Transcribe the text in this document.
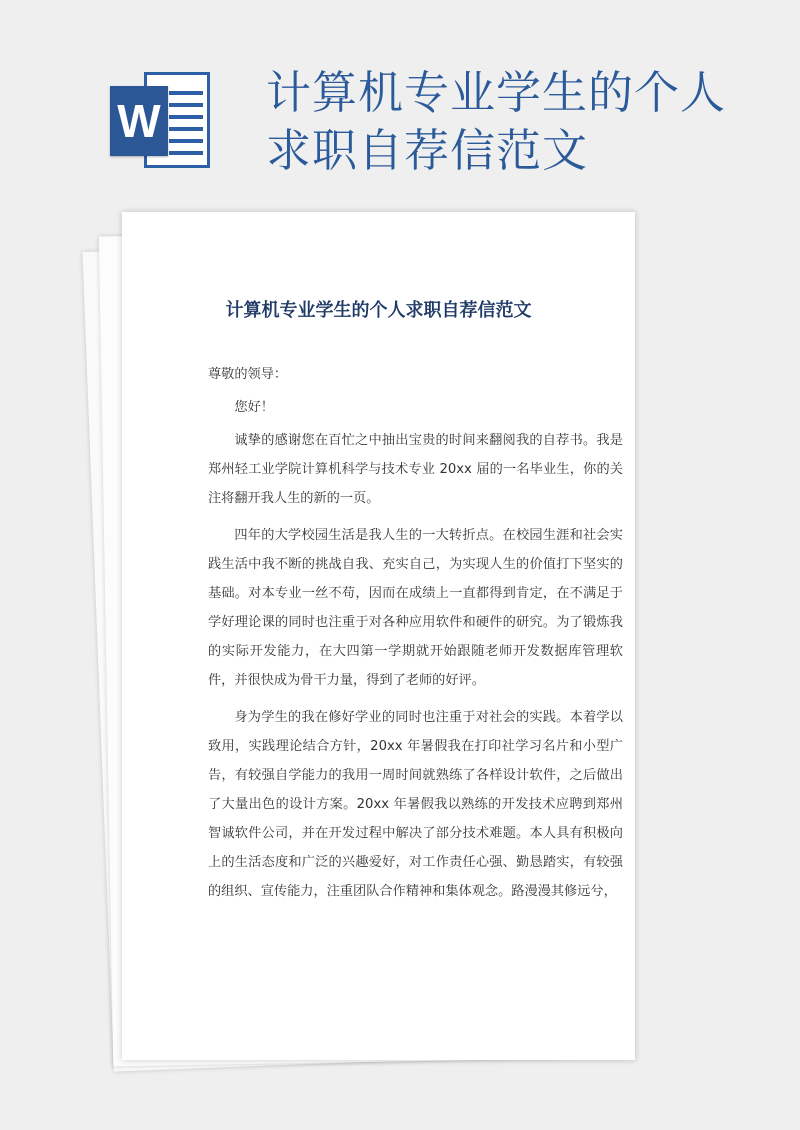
W
计算机专业学生的个人
求职自荐信范文
计算机专业学生的个人求职自荐信范文

尊敬的领导：

您好！

诚挚的感谢您在百忙之中抽出宝贵的时间来翻阅我的自荐书。我是郑州轻工业学院计算机科学与技术专业 20xx 届的一名毕业生，你的关注将翻开我人生的新的一页。

四年的大学校园生活是我人生的一大转折点。在校园生涯和社会实践生活中我不断的挑战自我、充实自己，为实现人生的价值打下坚实的基础。对本专业一丝不苟，因而在成绩上一直都得到肯定，在不满足于学好理论课的同时也注重于对各种应用软件和硬件的研究。为了锻炼我的实际开发能力，在大四第一学期就开始跟随老师开发数据库管理软件，并很快成为骨干力量，得到了老师的好评。

身为学生的我在修好学业的同时也注重于对社会的实践。本着学以致用，实践理论结合方针，20xx 年暑假我在打印社学习名片和小型广告，有较强自学能力的我用一周时间就熟练了各样设计软件，之后做出了大量出色的设计方案。20xx 年暑假我以熟练的开发技术应聘到郑州智诚软件公司，并在开发过程中解决了部分技术难题。本人具有积极向上的生活态度和广泛的兴趣爱好，对工作责任心强、勤恳踏实，有较强的组织、宣传能力，注重团队合作精神和集体观念。路漫漫其修远兮，
